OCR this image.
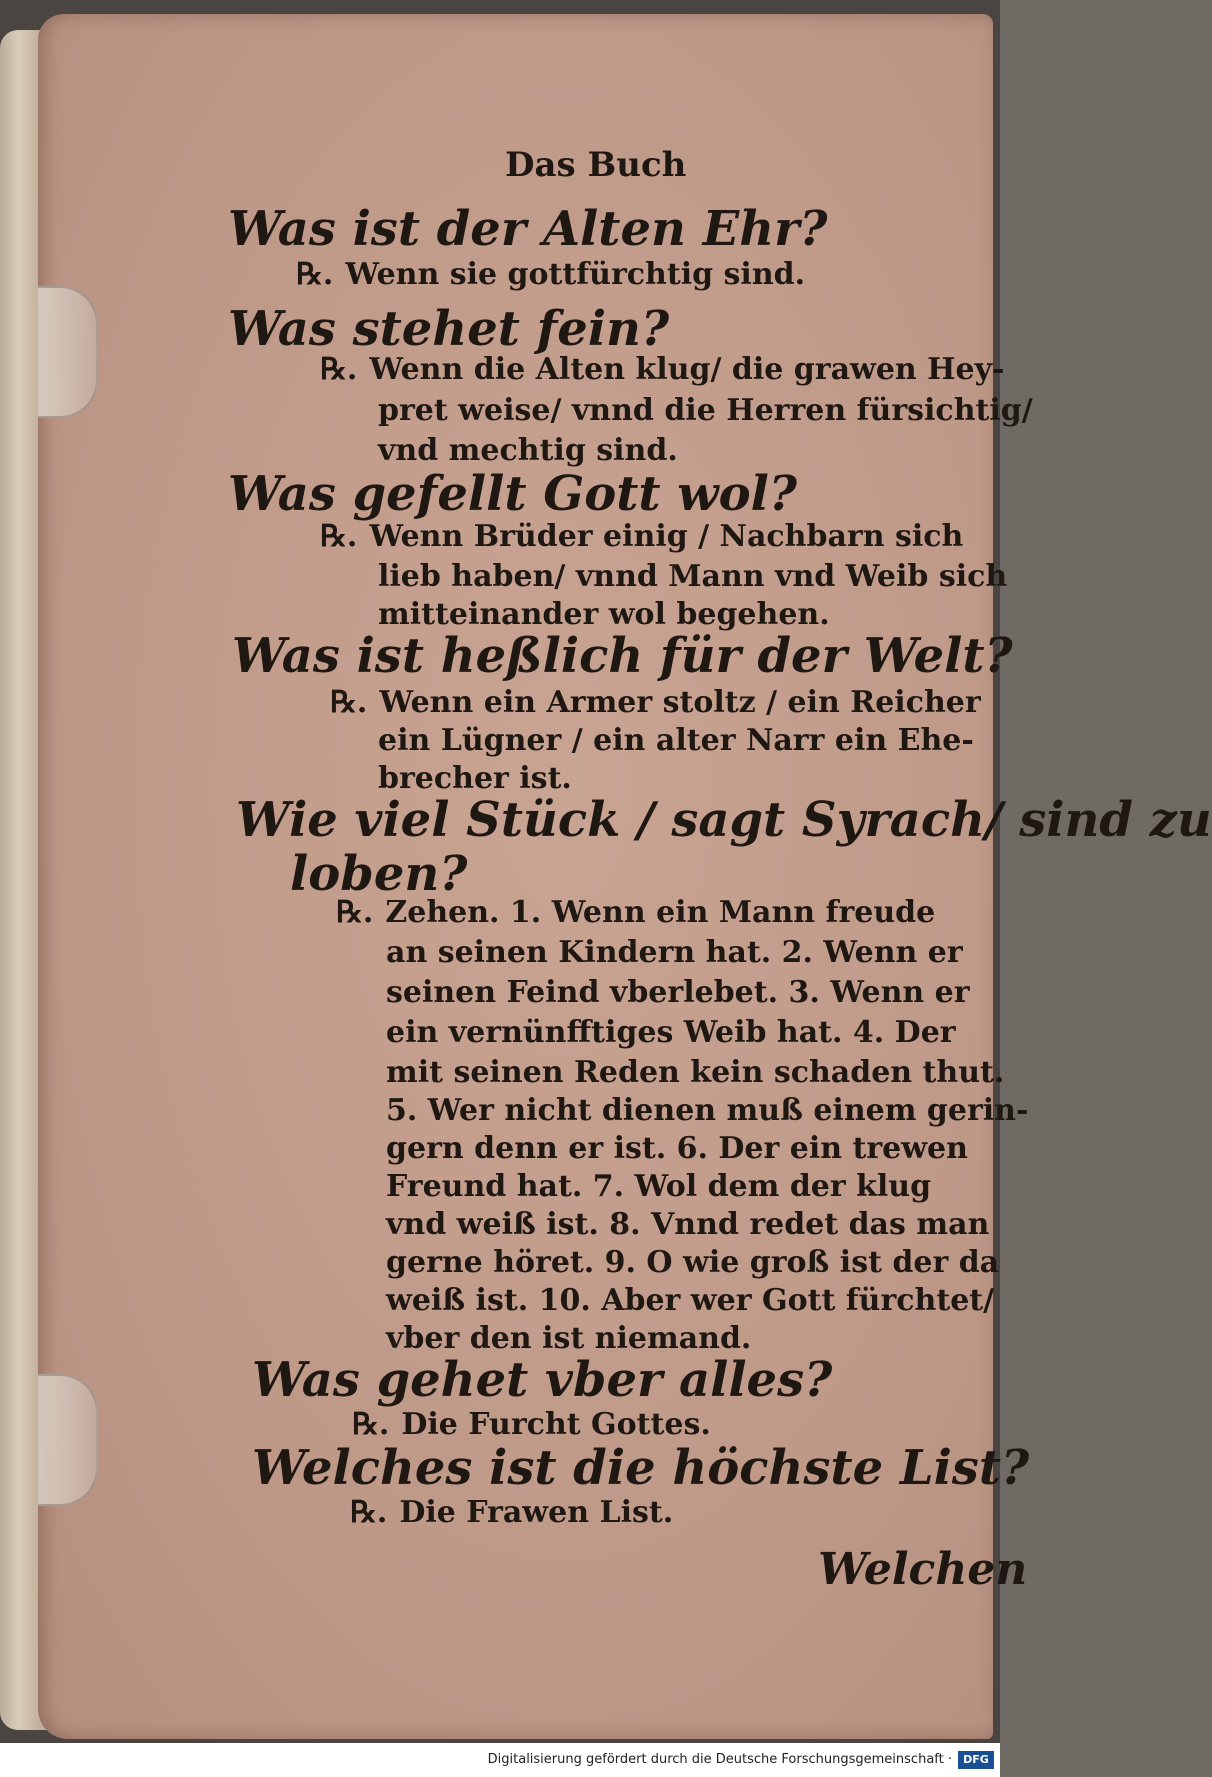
Das Buch
Was ist der Alten Ehr?
℞. Wenn sie gottfürchtig sind.
Was stehet fein?
℞. Wenn die Alten klug/ die grawen Hey-
pret weise/ vnnd die Herren fürsichtig/
vnd mechtig sind.
Was gefellt Gott wol?
℞. Wenn Brüder einig / Nachbarn sich
lieb haben/ vnnd Mann vnd Weib sich
mitteinander wol begehen.
Was ist heßlich für der Welt?
℞. Wenn ein Armer stoltz / ein Reicher
ein Lügner / ein alter Narr ein Ehe-
brecher ist.
Wie viel Stück / sagt Syrach/ sind zu
loben?
℞. Zehen. 1. Wenn ein Mann freude
an seinen Kindern hat. 2. Wenn er
seinen Feind vberlebet. 3. Wenn er
ein vernünfftiges Weib hat. 4. Der
mit seinen Reden kein schaden thut.
5. Wer nicht dienen muß einem gerin-
gern denn er ist. 6. Der ein trewen
Freund hat. 7. Wol dem der klug
vnd weiß ist. 8. Vnnd redet das man
gerne höret. 9. O wie groß ist der da
weiß ist. 10. Aber wer Gott fürchtet/
vber den ist niemand.
Was gehet vber alles?
℞. Die Furcht Gottes.
Welches ist die höchste List?
℞. Die Frawen List.
Welchen
Digitalisierung gefördert durch die Deutsche Forschungsgemeinschaft ·	DFG
